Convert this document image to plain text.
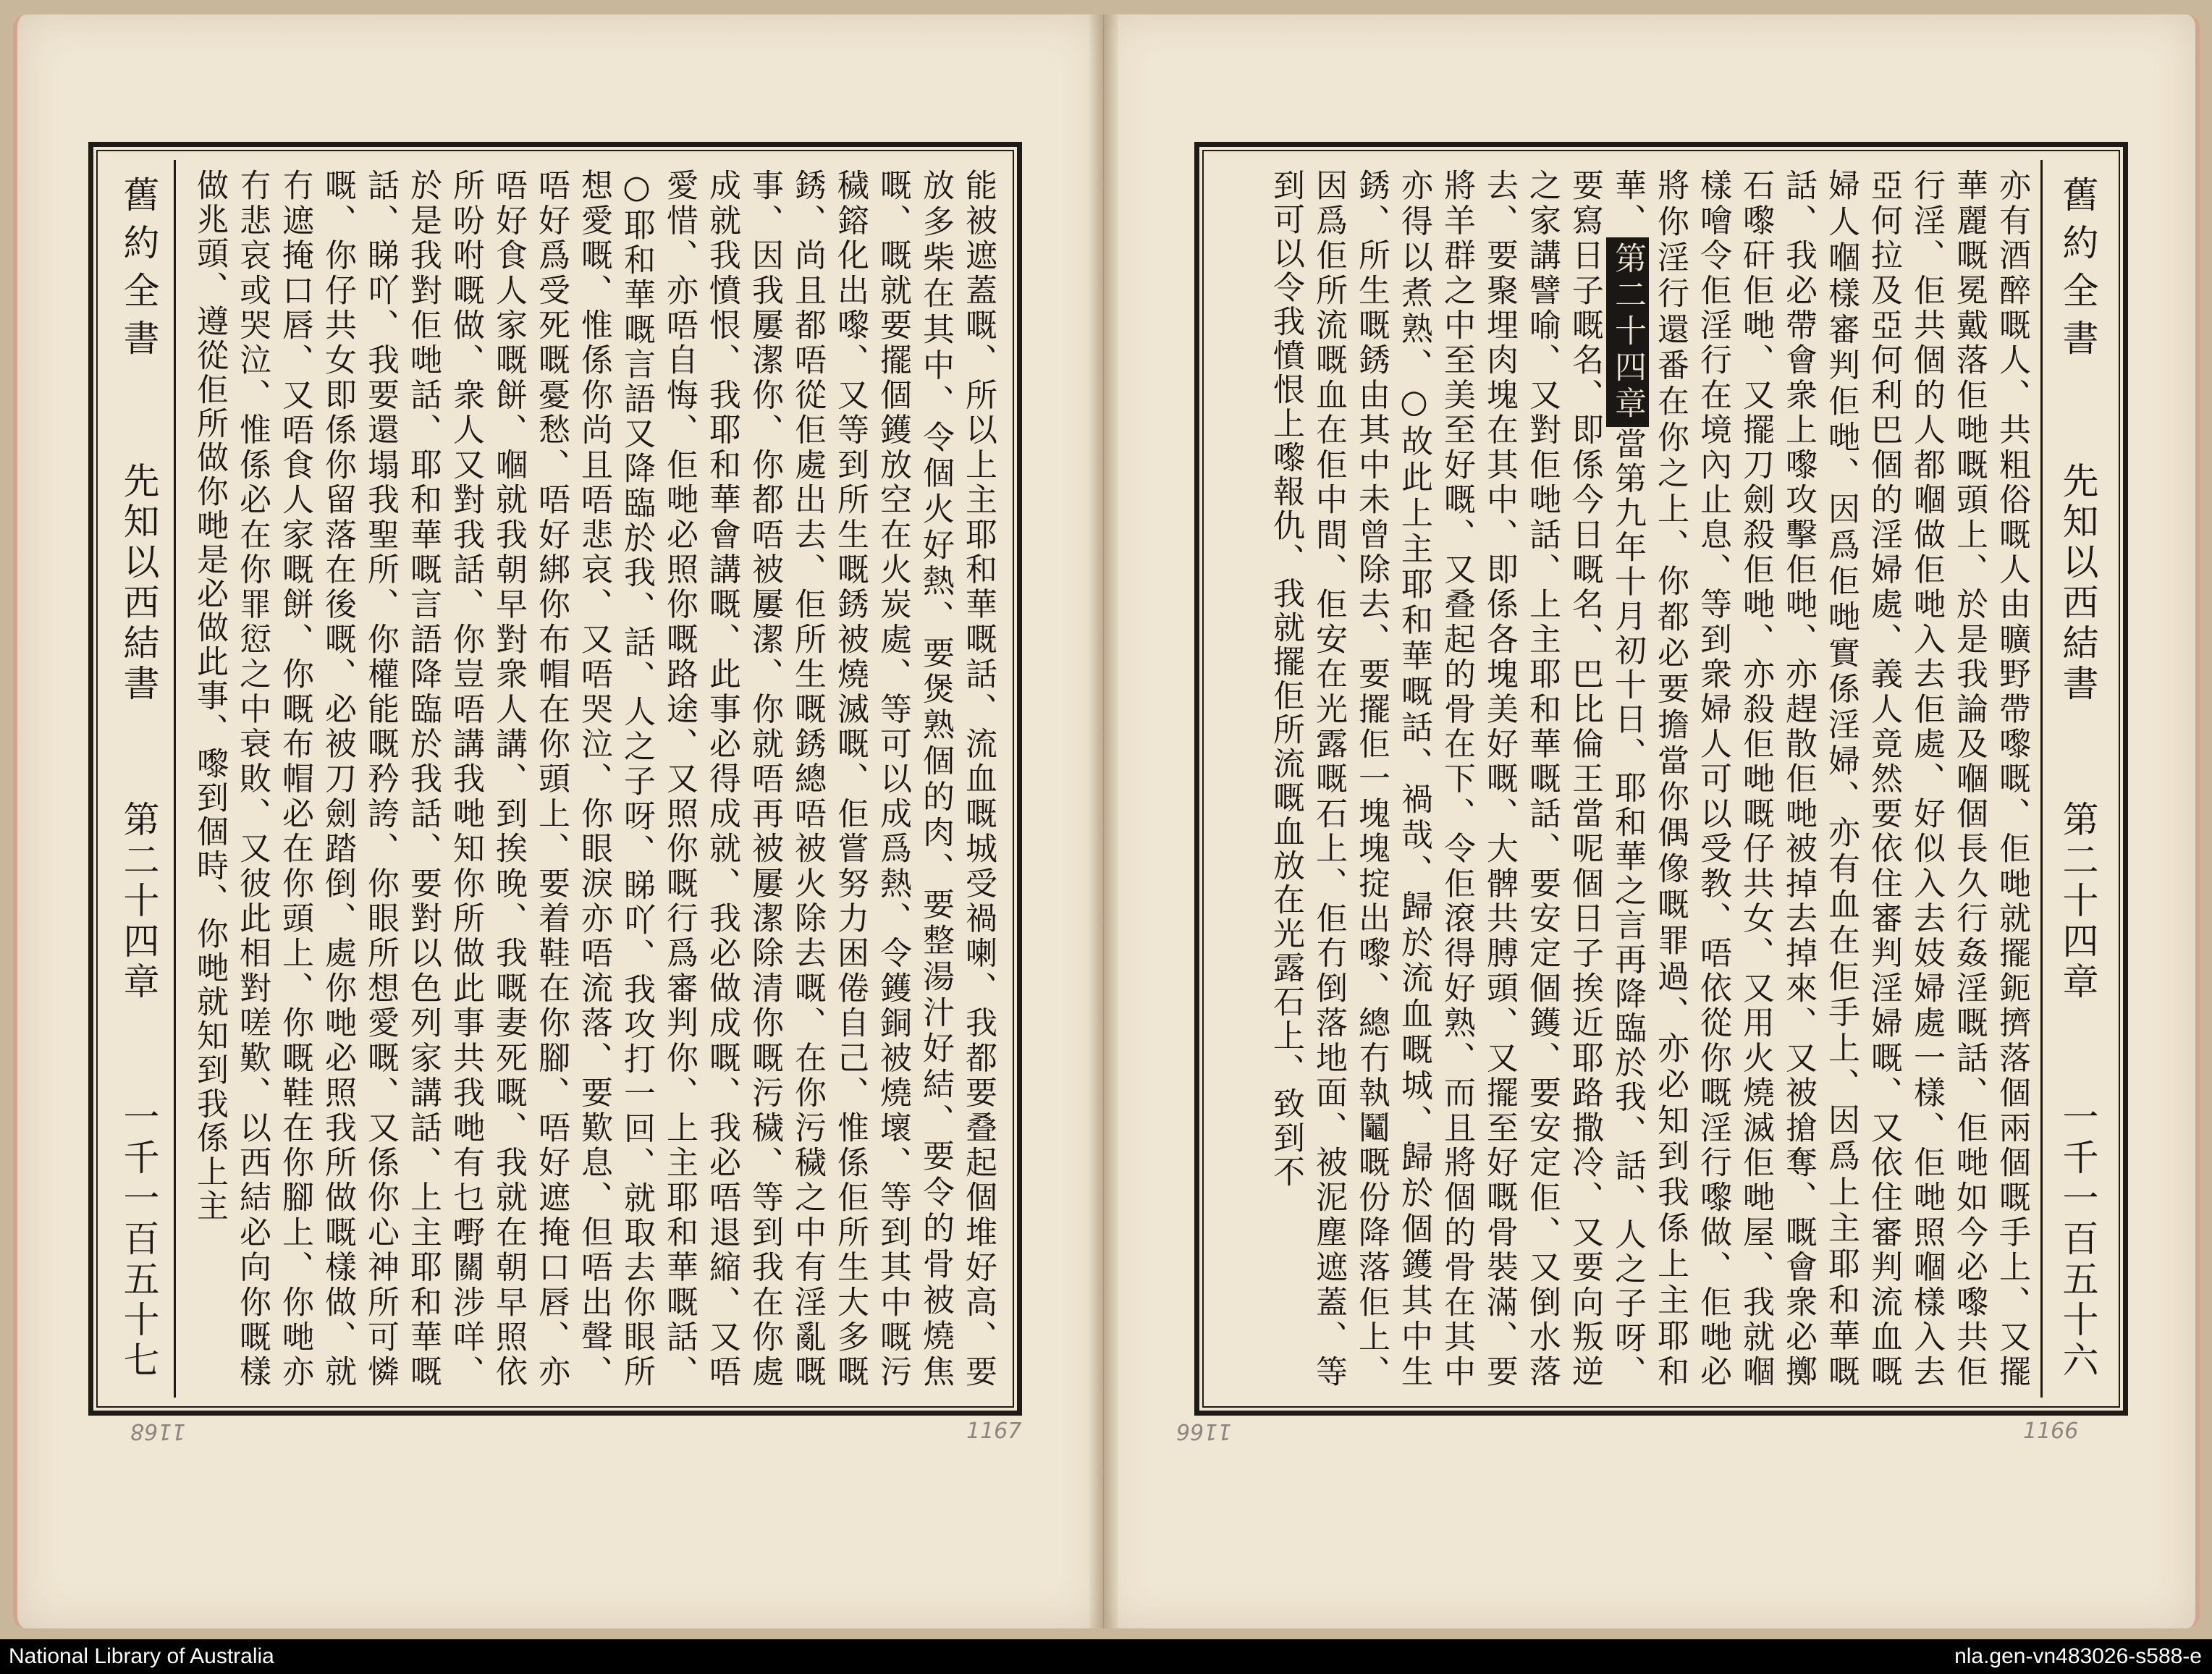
舊約全書
先知以西結書
第二十四章
一千一百五十七	能被遮蓋嘅、所以上主耶和華嘅話、流血嘅城受禍喇、我都要叠起個堆好高、要放多柴在其中、令個火好熱、要煲熟個的肉、要整湯汁好結、要令的骨被燒焦嘅、嘅就要擺個鑊放空在火炭處、等可以成爲熱、令鑊銅被燒壞、等到其中嘅污穢鎔化出嚟、又等到所生嘅銹被燒滅嘅、佢嘗努力困倦自己、惟係佢所生大多嘅銹、尚且都唔從佢處出去、佢所生嘅銹總唔被火除去嘅、在你污穢之中有淫亂嘅事、因我屢潔你、你都唔被屢潔、你就唔再被屢潔除清你嘅污穢、等到我在你處成就我憤恨、我耶和華會講嘅、此事必得成就、我必做成嘅、我必唔退縮、又唔愛惜、亦唔自悔、佢哋必照你嘅路途、又照你嘅行爲審判你、上主耶和華嘅話、○耶和華嘅言語又降臨於我、話、人之子呀、睇吖、我攻打一回、就取去你眼所想愛嘅、惟係你尚且唔悲哀、又唔哭泣、你眼淚亦唔流落、要歎息、但唔出聲、唔好爲受死嘅憂愁、唔好綁你布帽在你頭上、要着鞋在你腳、唔好遮掩口唇、亦唔好食人家嘅餅、嗰就我朝早對衆人講、到挨晚、我嘅妻死嘅、我就在朝早照依所吩咐嘅做、衆人又對我話、你豈唔講我哋知你所做此事共我哋有乜嘢關涉咩、於是我對佢哋話、耶和華嘅言語降臨於我話、要對以色列家講話、上主耶和華嘅話、睇吖、我要還塌我聖所、你權能嘅矜誇、你眼所想愛嘅、又係你心神所可憐嘅、你仔共女即係你留落在後嘅、必被刀劍踏倒、處你哋必照我所做嘅樣做、就冇遮掩口唇、又唔食人家嘅餅、你嘅布帽必在你頭上、你嘅鞋在你腳上、你哋亦冇悲哀或哭泣、惟係必在你罪愆之中衰敗、又彼此相對嗟歎、以西結必向你嘅樣做兆頭、遵從佢所做你哋是必做此事、嚟到個時、你哋就知到我係上主	舊約全書
先知以西結書
第二十四章
一千一百五十六

亦有酒醉嘅人、共粗俗嘅人由曠野帶嚟嘅、佢哋就擺鈪擠落個兩個嘅手上、又擺華麗嘅冕戴落佢哋嘅頭上、於是我論及嗰個長久行姦淫嘅話、佢哋如今必嚟共佢行淫、佢共個的人都嗰做佢哋入去佢處、好似入去妓婦處一樣、佢哋照嗰樣入去亞何拉及亞何利巴個的淫婦處、義人竟然要依住審判淫婦嘅、又依住審判流血嘅婦人嗰樣審判佢哋、因爲佢哋實係淫婦、亦有血在佢手上、因爲上主耶和華嘅話、我必帶會衆上嚟攻擊佢哋、亦趕散佢哋被掉去掉來、又被搶奪、嘅會衆必擲石嚟矸佢哋、又擺刀劍殺佢哋、亦殺佢哋嘅仔共女、又用火燒滅佢哋屋、我就嗰樣噲令佢淫行在境內止息、等到衆婦人可以受教、唔依從你嘅淫行嚟做、佢哋必將你淫行還番在你之上、你都必要擔當你偶像嘅罪過、亦必知到我係上主耶和華、第二十四章當第九年十月初十日、耶和華之言再降臨於我、話、人之子呀、要寫日子嘅名、即係今日嘅名、巴比倫王當呢個日子挨近耶路撒冷、又要向叛逆之家講譬喻、又對佢哋話、上主耶和華嘅話、要安定個鑊、要安定佢、又倒水落去、要聚埋肉塊在其中、即係各塊美好嘅、大髀共膊頭、又擺至好嘅骨裝滿、要將羊群之中至美至好嘅、又叠起的骨在下、令佢滾得好熟、而且將個的骨在其中亦得以煮熟、○故此上主耶和華嘅話、禍哉、歸於流血嘅城、歸於個鑊其中生銹、所生嘅銹由其中未曾除去、要擺佢一塊塊掟出嚟、總冇執鬮嘅份降落佢上、因爲佢所流嘅血在佢中間、佢安在光露嘅石上、佢冇倒落地面、被泥塵遮蓋、等到可以令我憤恨上嚟報仇、我就擺佢所流嘅血放在光露石上、致到不

1168	1167	1166	1166
National Library of Australia	nla.gen-vn483026-s588-e
